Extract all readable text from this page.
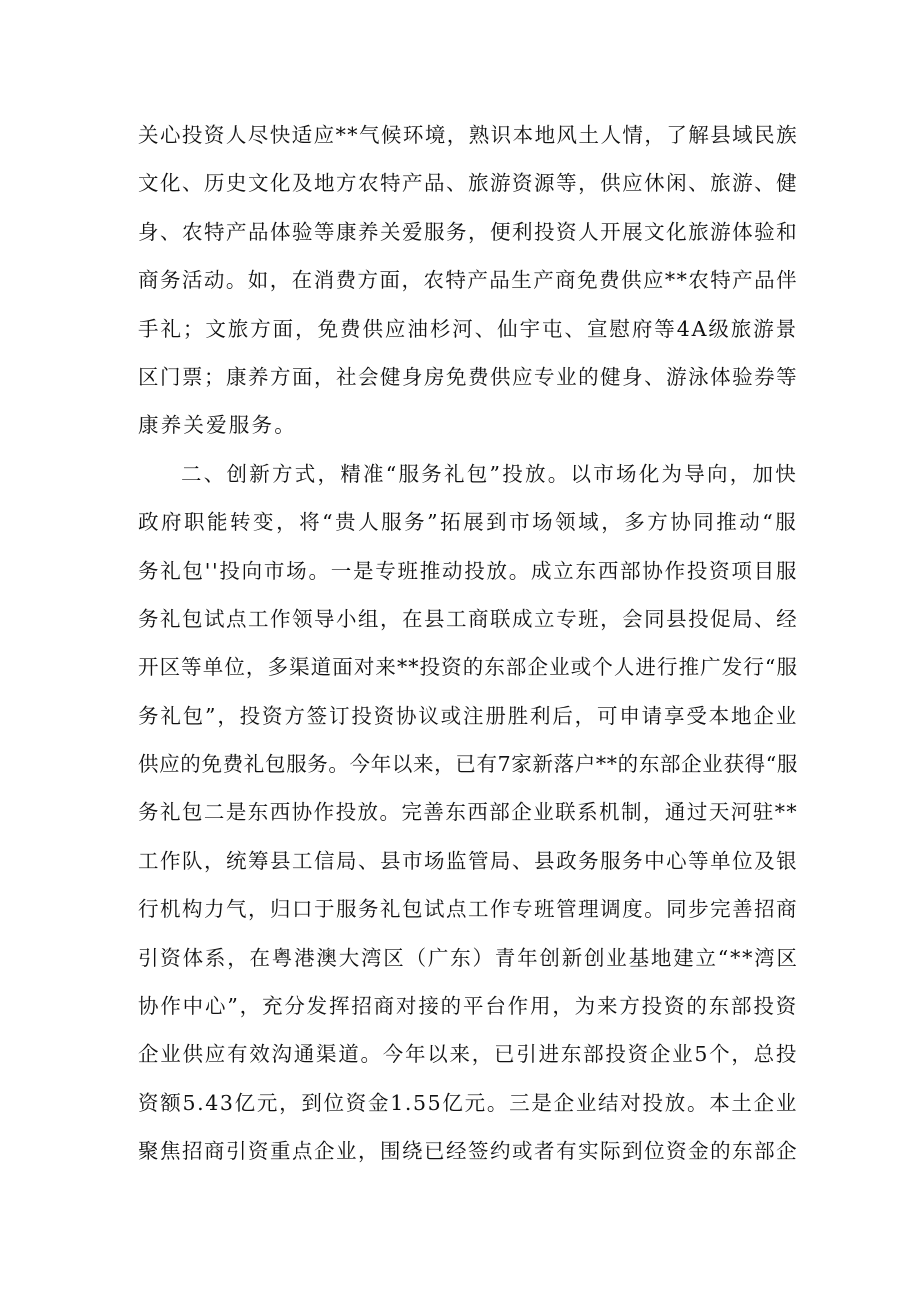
关心投资人尽快适应**气候环境，熟识本地风土人情，了解县域民族
文化、历史文化及地方农特产品、旅游资源等，供应休闲、旅游、健
身、农特产品体验等康养关爱服务，便利投资人开展文化旅游体验和
商务活动。如，在消费方面，农特产品生产商免费供应**农特产品伴
手礼；文旅方面，免费供应油杉河、仙宇屯、宣慰府等4A级旅游景
区门票；康养方面，社会健身房免费供应专业的健身、游泳体验券等
康养关爱服务。
二、创新方式，精准“服务礼包”投放。以市场化为导向，加快
政府职能转变，将“贵人服务”拓展到市场领域，多方协同推动“服
务礼包''投向市场。一是专班推动投放。成立东西部协作投资项目服
务礼包试点工作领导小组，在县工商联成立专班，会同县投促局、经
开区等单位，多渠道面对来**投资的东部企业或个人进行推广发行“服
务礼包”，投资方签订投资协议或注册胜利后，可申请享受本地企业
供应的免费礼包服务。今年以来，已有7家新落户**的东部企业获得“服
务礼包二是东西协作投放。完善东西部企业联系机制，通过天河驻**
工作队，统筹县工信局、县市场监管局、县政务服务中心等单位及银
行机构力气，归口于服务礼包试点工作专班管理调度。同步完善招商
引资体系，在粤港澳大湾区（广东）青年创新创业基地建立“**湾区
协作中心”，充分发挥招商对接的平台作用，为来方投资的东部投资
企业供应有效沟通渠道。今年以来，已引进东部投资企业5个，总投
资额5.43亿元，到位资金1.55亿元。三是企业结对投放。本土企业
聚焦招商引资重点企业，围绕已经签约或者有实际到位资金的东部企
